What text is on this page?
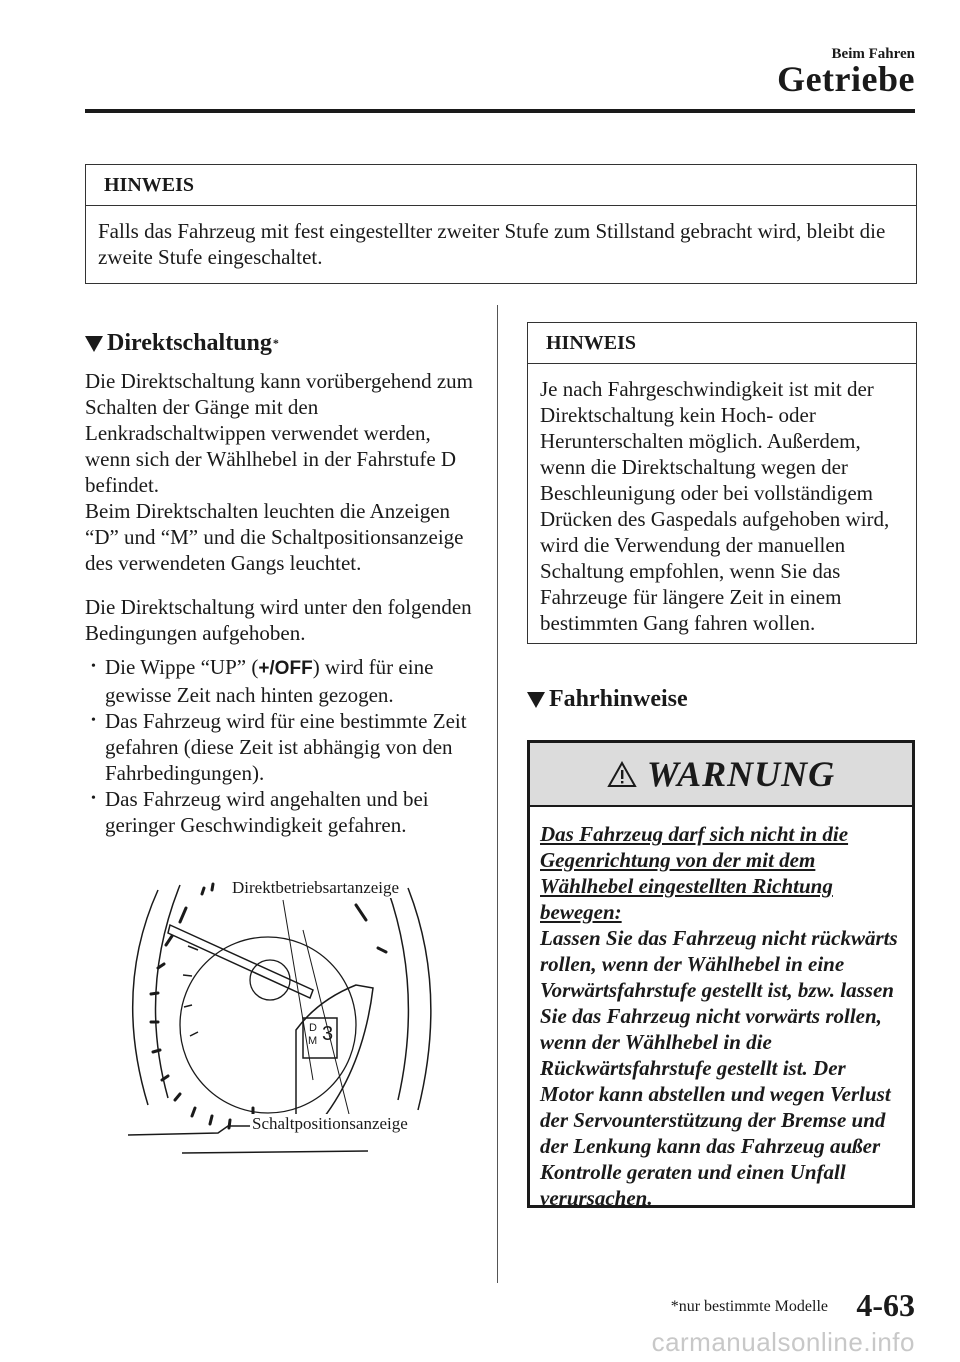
Beim Fahren
Getriebe
HINWEIS
Falls das Fahrzeug mit fest eingestellter zweiter Stufe zum Stillstand gebracht wird, bleibt die zweite Stufe eingeschaltet.
Direktschaltung *
Die Direktschaltung kann vorübergehend zum Schalten der Gänge mit den Lenkradschaltwippen verwendet werden, wenn sich der Wählhebel in der Fahrstufe D befindet.
Beim Direktschalten leuchten die Anzeigen “D” und “M” und die Schaltpositionsanzeige des verwendeten Gangs leuchtet.
Die Direktschaltung wird unter den folgenden Bedingungen aufgehoben.
• Die Wippe “UP” (+/OFF) wird für eine gewisse Zeit nach hinten gezogen.
• Das Fahrzeug wird für eine bestimmte Zeit gefahren (diese Zeit ist abhängig von den Fahrbedingungen).
• Das Fahrzeug wird angehalten und bei geringer Geschwindigkeit gefahren.
D
M 3
Direktbetriebsartanzeige
Schaltpositionsanzeige
HINWEIS
Je nach Fahrgeschwindigkeit ist mit der Direktschaltung kein Hoch- oder Herunterschalten möglich. Außerdem, wenn die Direktschaltung wegen der Beschleunigung oder bei vollständigem Drücken des Gaspedals aufgehoben wird, wird die Verwendung der manuellen Schaltung empfohlen, wenn Sie das Fahrzeuge für längere Zeit in einem bestimmten Gang fahren wollen.
Fahrhinweise
WARNUNG
Das Fahrzeug darf sich nicht in die Gegenrichtung von der mit dem Wählhebel eingestellten Richtung bewegen:
Lassen Sie das Fahrzeug nicht rückwärts rollen, wenn der Wählhebel in eine Vorwärtsfahrstufe gestellt ist, bzw. lassen Sie das Fahrzeug nicht vorwärts rollen, wenn der Wählhebel in die Rückwärtsfahrstufe gestellt ist. Der Motor kann abstellen und wegen Verlust der Servounterstützung der Bremse und der Lenkung kann das Fahrzeug außer Kontrolle geraten und einen Unfall verursachen.
*nur bestimmte Modelle 4-63
carmanualsonline.info
